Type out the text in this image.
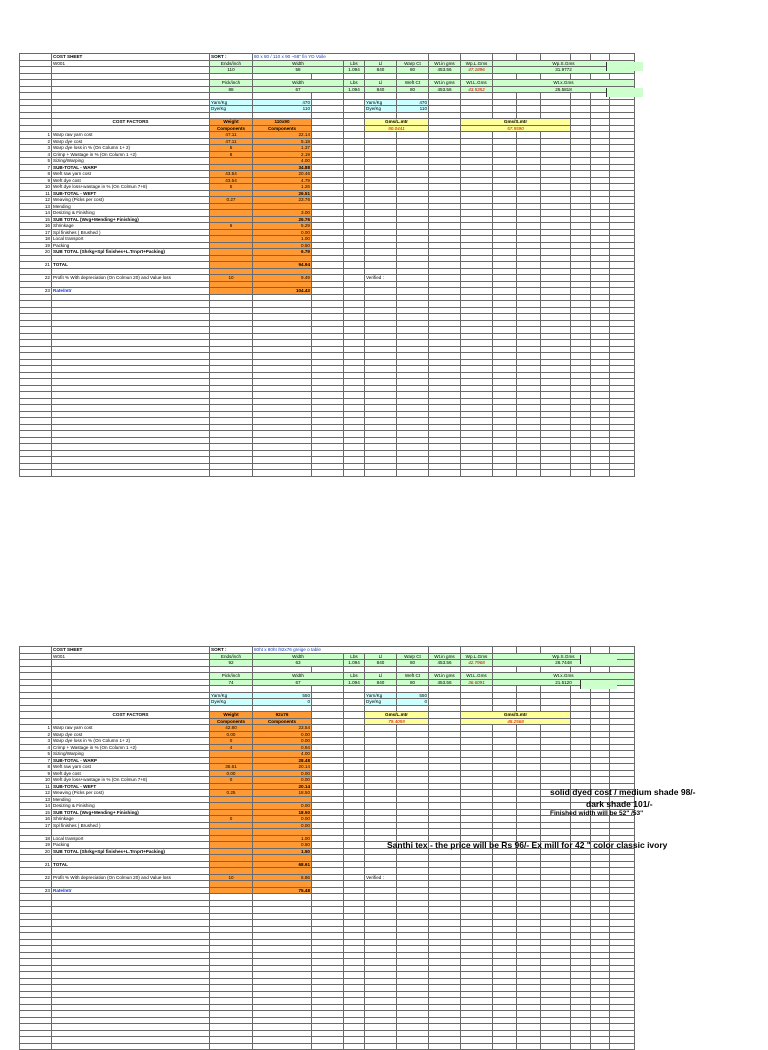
	COST SHEET	SORT :	80 x 80 / 110 x 90 ~58" fin YD Voile								
	W001	Ends/inch	Width	Lbs	Ll	Warp Ct	Wt.in gms	Wp.L.Gms	Wp.S.Gms
		110	58	1.094	840	80	453.56	47.1896	31.9772

		Pick/inch	Width	Lbs	Ll	Weft Ct	Wt.in gms	Wt.L.Gms	Wt.x.Gms
		88	67	1.094	840	80	453.56	43.5352	25.5818

		Yarn/Kg	470			Yarn/Kg	470								
		Dye/Kg	110			Dye/Kg	110								

	COST FACTORS	Weight	110x90			Gms/L.mtr		Gms/S.mtr			
		Components	Components			90.0441		57.5590			
1	Warp raw yarn cost	47.11	22.14												
2	Warp dye cost	47.11	5.18												
3	Warp dye loss in % (On Column 1+ 2)	5	1.37												
4	Crimp + Wastage in % (On Column 1 +2)	8	2.19												
5	Sizing/Warping		4.00												
7	SUB-TOTAL - WARP		34.88												
8	Weft raw yarn cost	43.54	20.46												
9	Weft dye cost	43.54	4.79												
10	Weft dye loss+wastage in % (On Colmun 7+8)	5	1.26												
11	SUB-TOTAL - WEFT		26.51												
12	Weaving (Picks per cost)	0.27	23.76												
13	Mending														
14	Desizing & Finishing		3.00												
15	SUB TOTAL (Wvg+Mending+ Finishing)		26.76												
16	Shrinkage	6	5.29												
17	Spl finishes ( Brushed )		0.00												
18	Local transport		1.00												
19	Packing		0.50												
20	SUB TOTAL (Shrkg+Spl finishes+L.Trnprt+Packing)		6.79												

21	TOTAL		94.94												

22	Profit % With depreciation (On Colmun 20) and Value loss	10	9.49			Verified :									

23	Rate/mtr		104.43												

	COST SHEET	SORT :	80ht x 80ht /92x76 greige o table								
	W001	Ends/inch	Width	Lbs	Ll	Warp Ct	Wt.in gms	Wp.L.Gms	Wp.S.Gms
		92	63	1.094	840	80	453.56	42.7968	26.7448

		Pick/inch	Width	Lbs	Ll	Weft Ct	Wt.in gms	Wt.L.Gms	Wt.x.Gms
		74	67	1.094	840	80	453.56	36.6091	21.5120

		Yarn/Kg	550			Yarn/Kg	550								
		Dye/Kg	0			Dye/Kg	0								

	COST FACTORS	Weight	92x76			Gms/L.mtr		Gms/S.mtr			
		Components	Components			79.4059		48.2568			
1	Warp raw yarn cost	42.80	23.54												
2	Warp dye cost	0.00	0.00												
3	Warp dye loss in % (On Column 1+ 2)	0	0.00												
4	Crimp + Wastage in % (On Column 1 +2)	4	0.94												
5	Sizing/Warping		4.00												
7	SUB-TOTAL - WARP		28.48												
8	Weft raw yarn cost	36.61	20.14												
9	Weft dye cost	0.00	0.00												
10	Weft dye loss+wastage in % (On Colmun 7+8)	0	0.00												
11	SUB-TOTAL - WEFT		20.14												
12	Weaving (Picks per cost)	0.25	18.50												
13	Mending														
14	Desizing & Finishing		0.00												
15	SUB TOTAL (Wvg+Mending+ Finishing)		18.50												
16	Shrinkage	0	0.00												
17	Spl finishes ( Brushed )		0.00												

18	Local transport		1.00												
19	Packing		0.50												
20	SUB TOTAL (Shrkg+Spl finishes+L.Trnprt+Packing)		1.50												

21	TOTAL		68.61												

22	Profit % With depreciation (On Colmun 20) and Value loss	10	6.86			Verified :									

23	Rate/mtr		75.48												

solid dyed cost / medium shade 98/-
dark shade 101/-
Finished width will be 52" /53"
Santhi tex - the price will be Rs 96/- Ex mill for 42 " color classic ivory
